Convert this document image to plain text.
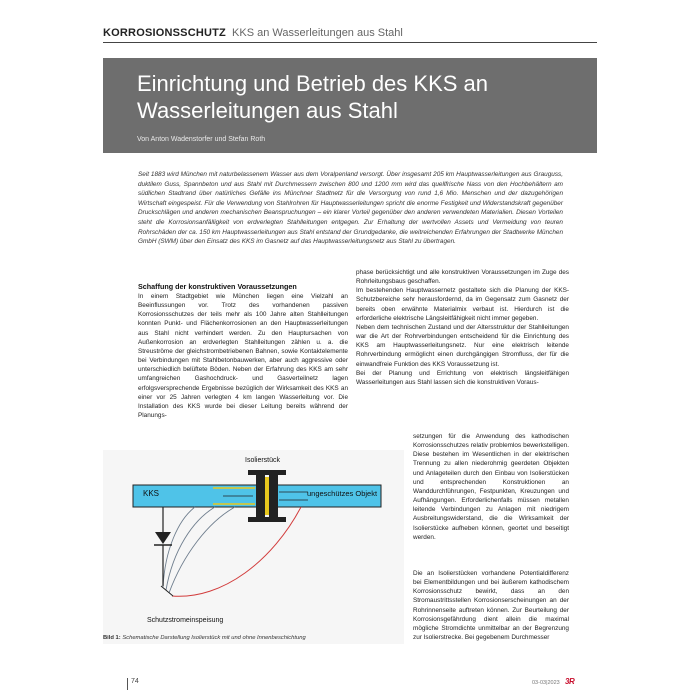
KORROSIONSSCHUTZ KKS an Wasserleitungen aus Stahl
Einrichtung und Betrieb des KKS an Wasserleitungen aus Stahl
Von Anton Wadenstorfer und Stefan Roth
Seit 1883 wird München mit naturbelassenem Wasser aus dem Voralpenland versorgt. Über insgesamt 205 km Hauptwasserleitungen aus Grauguss, duktilem Guss, Spannbeton und aus Stahl mit Durchmessern zwischen 800 und 1200 mm wird das quellfrische Nass von den Hochbehältern am südlichen Stadtrand über natürliches Gefälle ins Münchner Stadtnetz für die Versorgung von rund 1,6 Mio. Menschen und der dazugehörigen Wirtschaft eingespeist. Für die Verwendung von Stahlrohren für Hauptwasserleitungen spricht die enorme Festigkeit und Widerstandskraft gegenüber Druckschlägen und anderen mechanischen Beanspruchungen – ein klarer Vorteil gegenüber den anderen verwendeten Materialien. Diesen Vorteilen steht die Korrosionsanfälligkeit von erdverlegten Stahlleitungen entgegen. Zur Erhaltung der wertvollen Assets und Vermeidung von teuren Rohrschäden der ca. 150 km Hauptwasserleitungen aus Stahl entstand der Grundgedanke, die weitreichenden Erfahrungen der Stadtwerke München GmbH (SWM) über den Einsatz des KKS im Gasnetz auf das Hauptwasserleitungsnetz aus Stahl zu übertragen.
Schaffung der konstruktiven Voraussetzungen

In einem Stadtgebiet wie München liegen eine Vielzahl an Beeinflussungen vor. Trotz des vorhandenen passiven Korrosionsschutzes der teils mehr als 100 Jahre alten Stahlleitungen konnten Punkt- und Flächenkorrosionen an den Hauptwasserleitungen aus Stahl nicht verhindert werden. Zu den Hauptursachen von Außenkorrosion an erdverlegten Stahlleitungen zählen u. a. die Streuströme der gleichstrombetriebenen Bahnen, sowie Kontaktelemente bei Verbindungen mit Stahlbetonbauwerken, aber auch aggressive oder unterschiedlich belüftete Böden. Neben der Erfahrung des KKS am sehr umfangreichen Gashochdruck- und Gasverteilnetz lagen erfolgsversprechende Ergebnisse bezüglich der Wirksamkeit des KKS an einer vor 25 Jahren verlegten 4 km langen Wasserleitung vor. Die Installation des KKS wurde bei dieser Leitung bereits während der Planungs-

phase berücksichtigt und alle konstruktiven Voraussetzungen im Zuge des Rohrleitungsbaus geschaffen.

Im bestehenden Hauptwassernetz gestaltete sich die Planung der KKS-Schutzbereiche sehr herausfordernd, da im Gegensatz zum Gasnetz der bereits oben erwähnte Materialmix verbaut ist. Hierdurch ist die erforderliche elektrische Längsleitfähigkeit nicht immer gegeben.

Neben dem technischen Zustand und der Altersstruktur der Stahlleitungen war die Art der Rohrverbindungen entscheidend für die Einrichtung des KKS am Hauptwasserleitungsnetz. Nur eine elektrisch leitende Rohrverbindung ermöglicht einen durchgängigen Stromfluss, der für die einwandfreie Funktion des KKS Voraussetzung ist.

Bei der Planung und Errichtung von elektrisch längsleitfähigen Wasserleitungen aus Stahl lassen sich die konstruktiven Voraus-

setzungen für die Anwendung des kathodischen Korrosionsschutzes relativ problemlos bewerkstelligen. Diese bestehen im Wesentlichen in der elektrischen Trennung zu allen niederohmig geerdeten Objekten und Anlageteilen durch den Einbau von Isolierstücken und entsprechenden Konstruktionen an Wanddurchführungen, Festpunkten, Kreuzungen und Aufhängungen. Erforderlichenfalls müssen metallen leitende Verbindungen zu Anlagen mit niedrigem Ausbreitungswiderstand, die die Wirksamkeit der Isolierstücke aufheben können, geortet und beseitigt werden.

Die an Isolierstücken vorhandene Potentialdifferenz bei Elementbildungen und bei äußerem kathodischem Korrosionsschutz bewirkt, dass an den Stromaustrittsstellen Korrosionserscheinungen an der Rohrinnenseite auftreten können. Zur Beurteilung der Korrosionsgefährdung dient allein die maximal mögliche Stromdichte unmittelbar an der Begrenzung zur Isolierstrecke. Bei gegebenem Durchmesser

Isolierstück
KKS	ungeschützes Objekt
Schutzstromeinspeisung
Bild 1: Schematische Darstellung Isolierstück mit und ohne Innenbeschichtung
74	03-03|2023 3R
